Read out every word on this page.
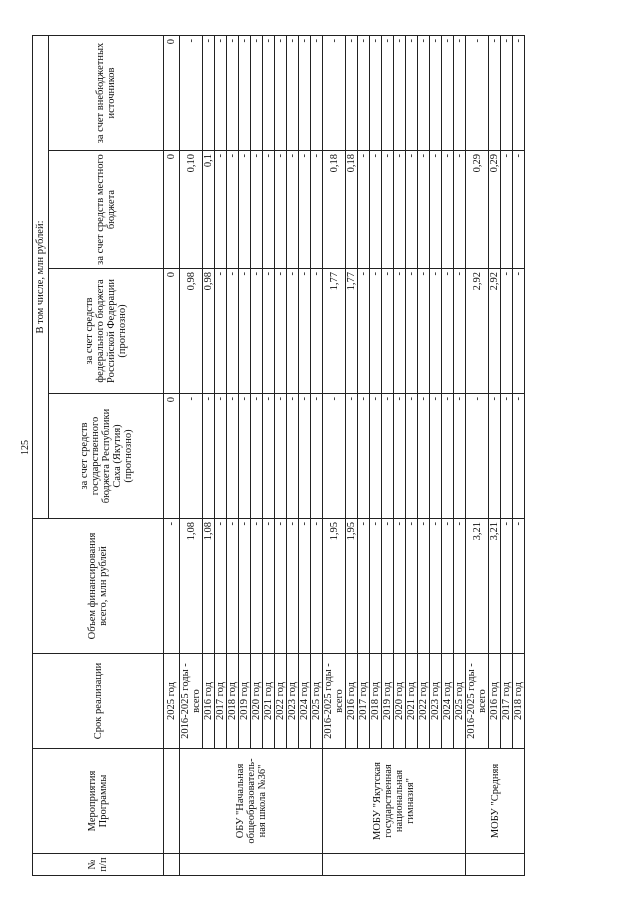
125
№ п/п	Мероприятия Программы	Срок реализации	Объем финансирования всего, млн рублей	В том числе, млн рублей:			
				за счет средств государственного бюджета Республики Саха (Якутия) (прогнозно)	за счет средств федерального бюджета Российской Федерации (прогнозно)	за счет средств местного бюджета	за счет внебюджетных источников
		2025 год	-	0	0	0	0
	ОБУ "Начальная общеобразователь-ная школа №36"	2016-2025 годы - всего	1,08	-	0,98	0,10	-
		2016 год	1,08	-	0,98	0,1	-
		2017 год	-	-	-	-	-
		2018 год	-	-	-	-	-
		2019 год	-	-	-	-	-
		2020 год	-	-	-	-	-
		2021 год	-	-	-	-	-
		2022 год	-	-	-	-	-
		2023 год	-	-	-	-	-
		2024 год	-	-	-	-	-
		2025 год	-	-	-	-	-
	МОБУ "Якутская государственная национальная гимназия"	2016-2025 годы - всего	1,95	-	1,77	0,18	-
		2016 год	1,95	-	1,77	0,18	-
		2017 год	-	-	-	-	-
		2018 год	-	-	-	-	-
		2019 год	-	-	-	-	-
		2020 год	-	-	-	-	-
		2021 год	-	-	-	-	-
		2022 год	-	-	-	-	-
		2023 год	-	-	-	-	-
		2024 год	-	-	-	-	-
		2025 год	-	-	-	-	-
	МОБУ "Средняя	2016-2025 годы - всего	3,21	-	2,92	0,29	-
		2016 год	3,21	-	2,92	0,29	-
		2017 год	-	-	-	-	-
		2018 год	-	-	-	-	-
